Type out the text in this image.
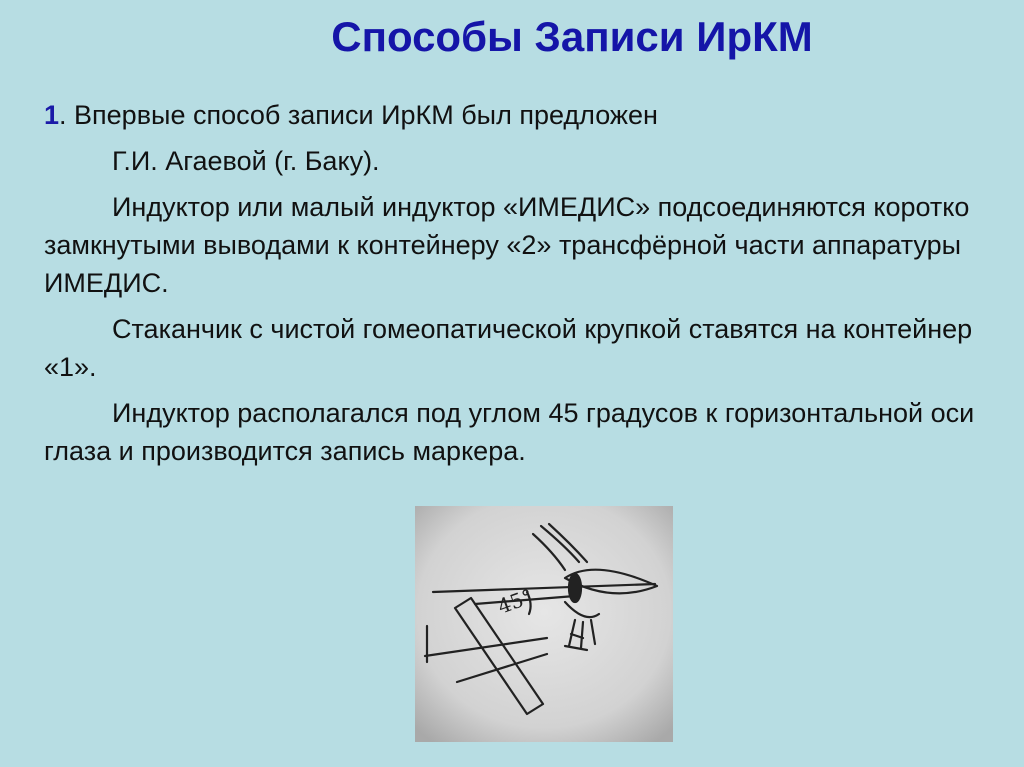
Способы Записи ИрКМ

1. Впервые способ записи ИрКМ был предложен

Г.И. Агаевой (г. Баку).

Индуктор или малый индуктор «ИМЕДИС» подсоединяются коротко замкнутыми выводами к контейнеру «2» трансфёрной части аппаратуры ИМЕДИС.

Стаканчик с чистой гомеопатической крупкой ставятся на контейнер «1».

Индуктор располагался под углом 45 градусов к горизонтальной оси глаза и производится запись маркера.

45°
